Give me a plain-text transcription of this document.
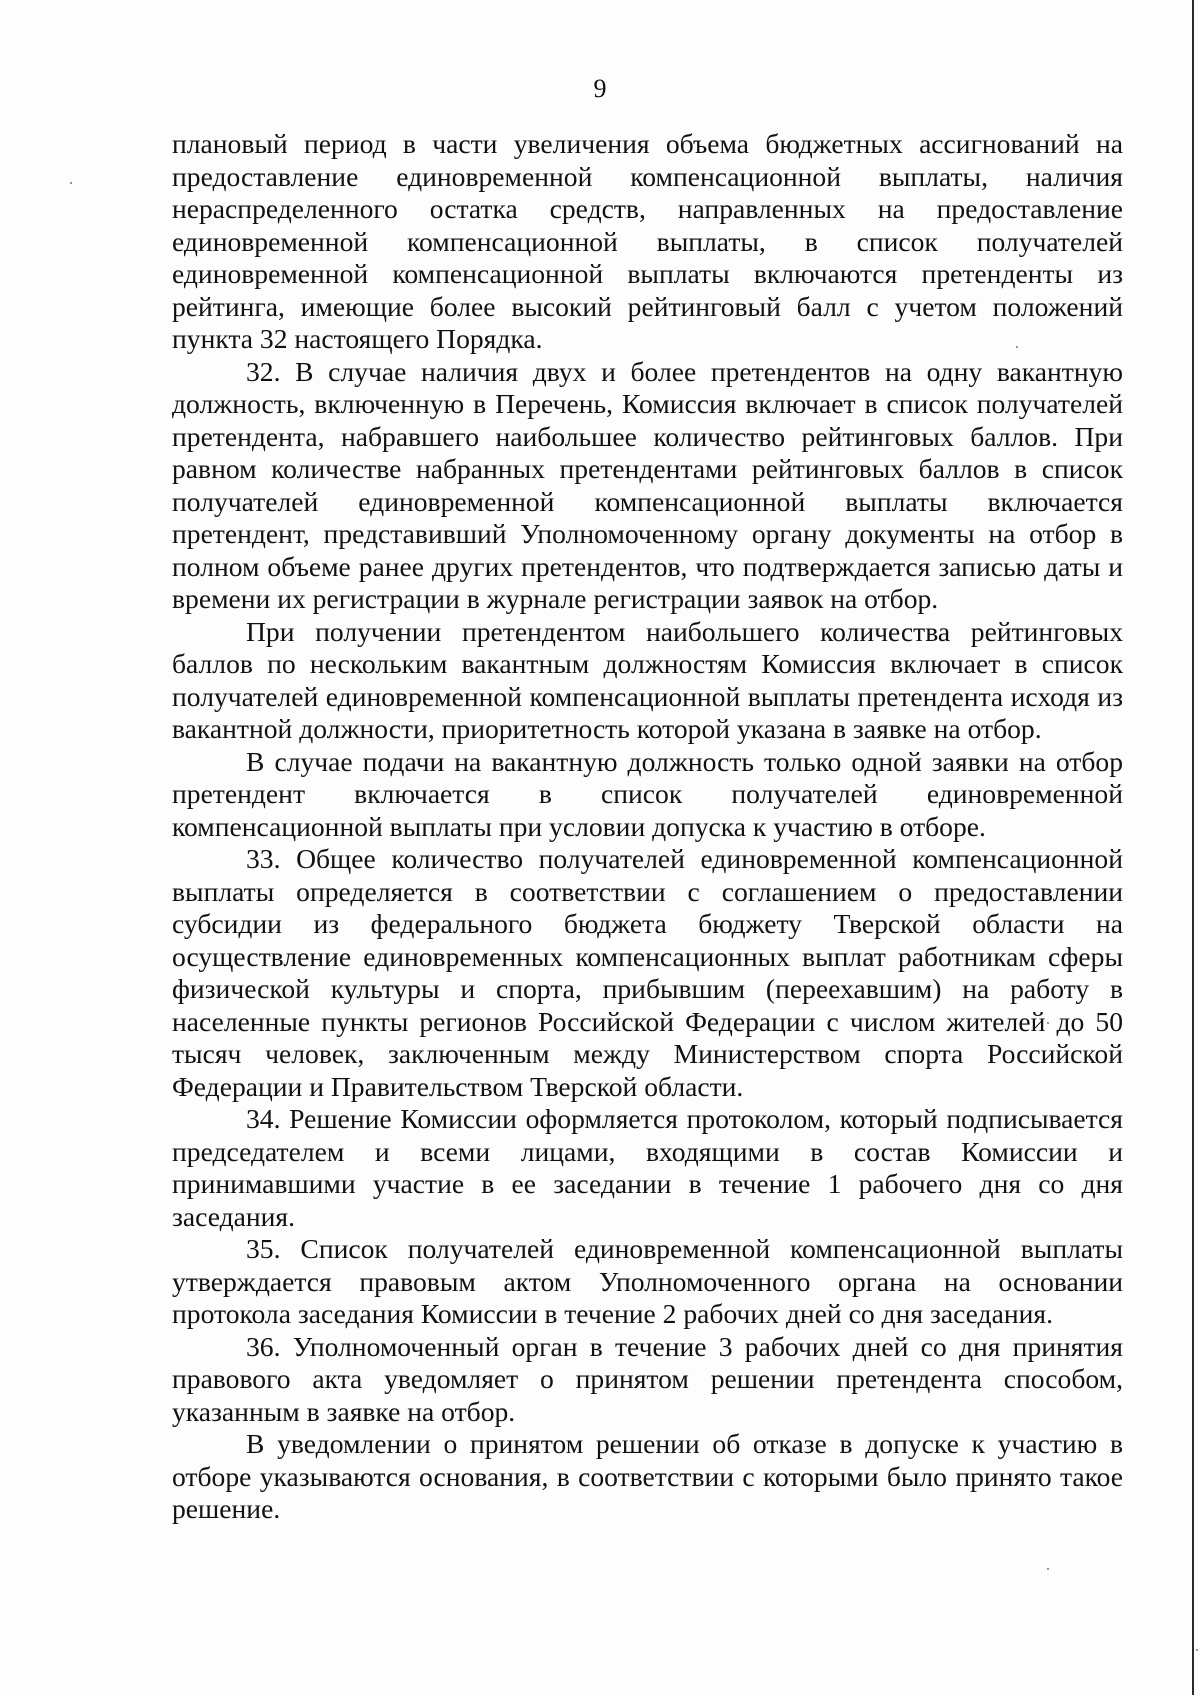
9

плановый период в части увеличения объема бюджетных ассигнований на предоставление единовременной компенсационной выплаты, наличия нераспределенного остатка средств, направленных на предоставление единовременной компенсационной выплаты, в список получателей единовременной компенсационной выплаты включаются претенденты из рейтинга, имеющие более высокий рейтинговый балл с учетом положений пункта 32 настоящего Порядка.

32. В случае наличия двух и более претендентов на одну вакантную должность, включенную в Перечень, Комиссия включает в список получателей претендента, набравшего наибольшее количество рейтинговых баллов. При равном количестве набранных претендентами рейтинговых баллов в список получателей единовременной компенсационной выплаты включается претендент, представивший Уполномоченному органу документы на отбор в полном объеме ранее других претендентов, что подтверждается записью даты и времени их регистрации в журнале регистрации заявок на отбор.

При получении претендентом наибольшего количества рейтинговых баллов по нескольким вакантным должностям Комиссия включает в список получателей единовременной компенсационной выплаты претендента исходя из вакантной должности, приоритетность которой указана в заявке на отбор.

В случае подачи на вакантную должность только одной заявки на отбор претендент включается в список получателей единовременной компенсационной выплаты при условии допуска к участию в отборе.

33. Общее количество получателей единовременной компенсационной выплаты определяется в соответствии с соглашением о предоставлении субсидии из федерального бюджета бюджету Тверской области на осуществление единовременных компенсационных выплат работникам сферы физической культуры и спорта, прибывшим (переехавшим) на работу в населенные пункты регионов Российской Федерации с числом жителей до 50 тысяч человек, заключенным между Министерством спорта Российской Федерации и Правительством Тверской области.

34. Решение Комиссии оформляется протоколом, который подписывается председателем и всеми лицами, входящими в состав Комиссии и принимавшими участие в ее заседании в течение 1 рабочего дня со дня заседания.

35. Список получателей единовременной компенсационной выплаты утверждается правовым актом Уполномоченного органа на основании протокола заседания Комиссии в течение 2 рабочих дней со дня заседания.

36. Уполномоченный орган в течение 3 рабочих дней со дня принятия правового акта уведомляет о принятом решении претендента способом, указанным в заявке на отбор.

В уведомлении о принятом решении об отказе в допуске к участию в отборе указываются основания, в соответствии с которыми было принято такое решение.
